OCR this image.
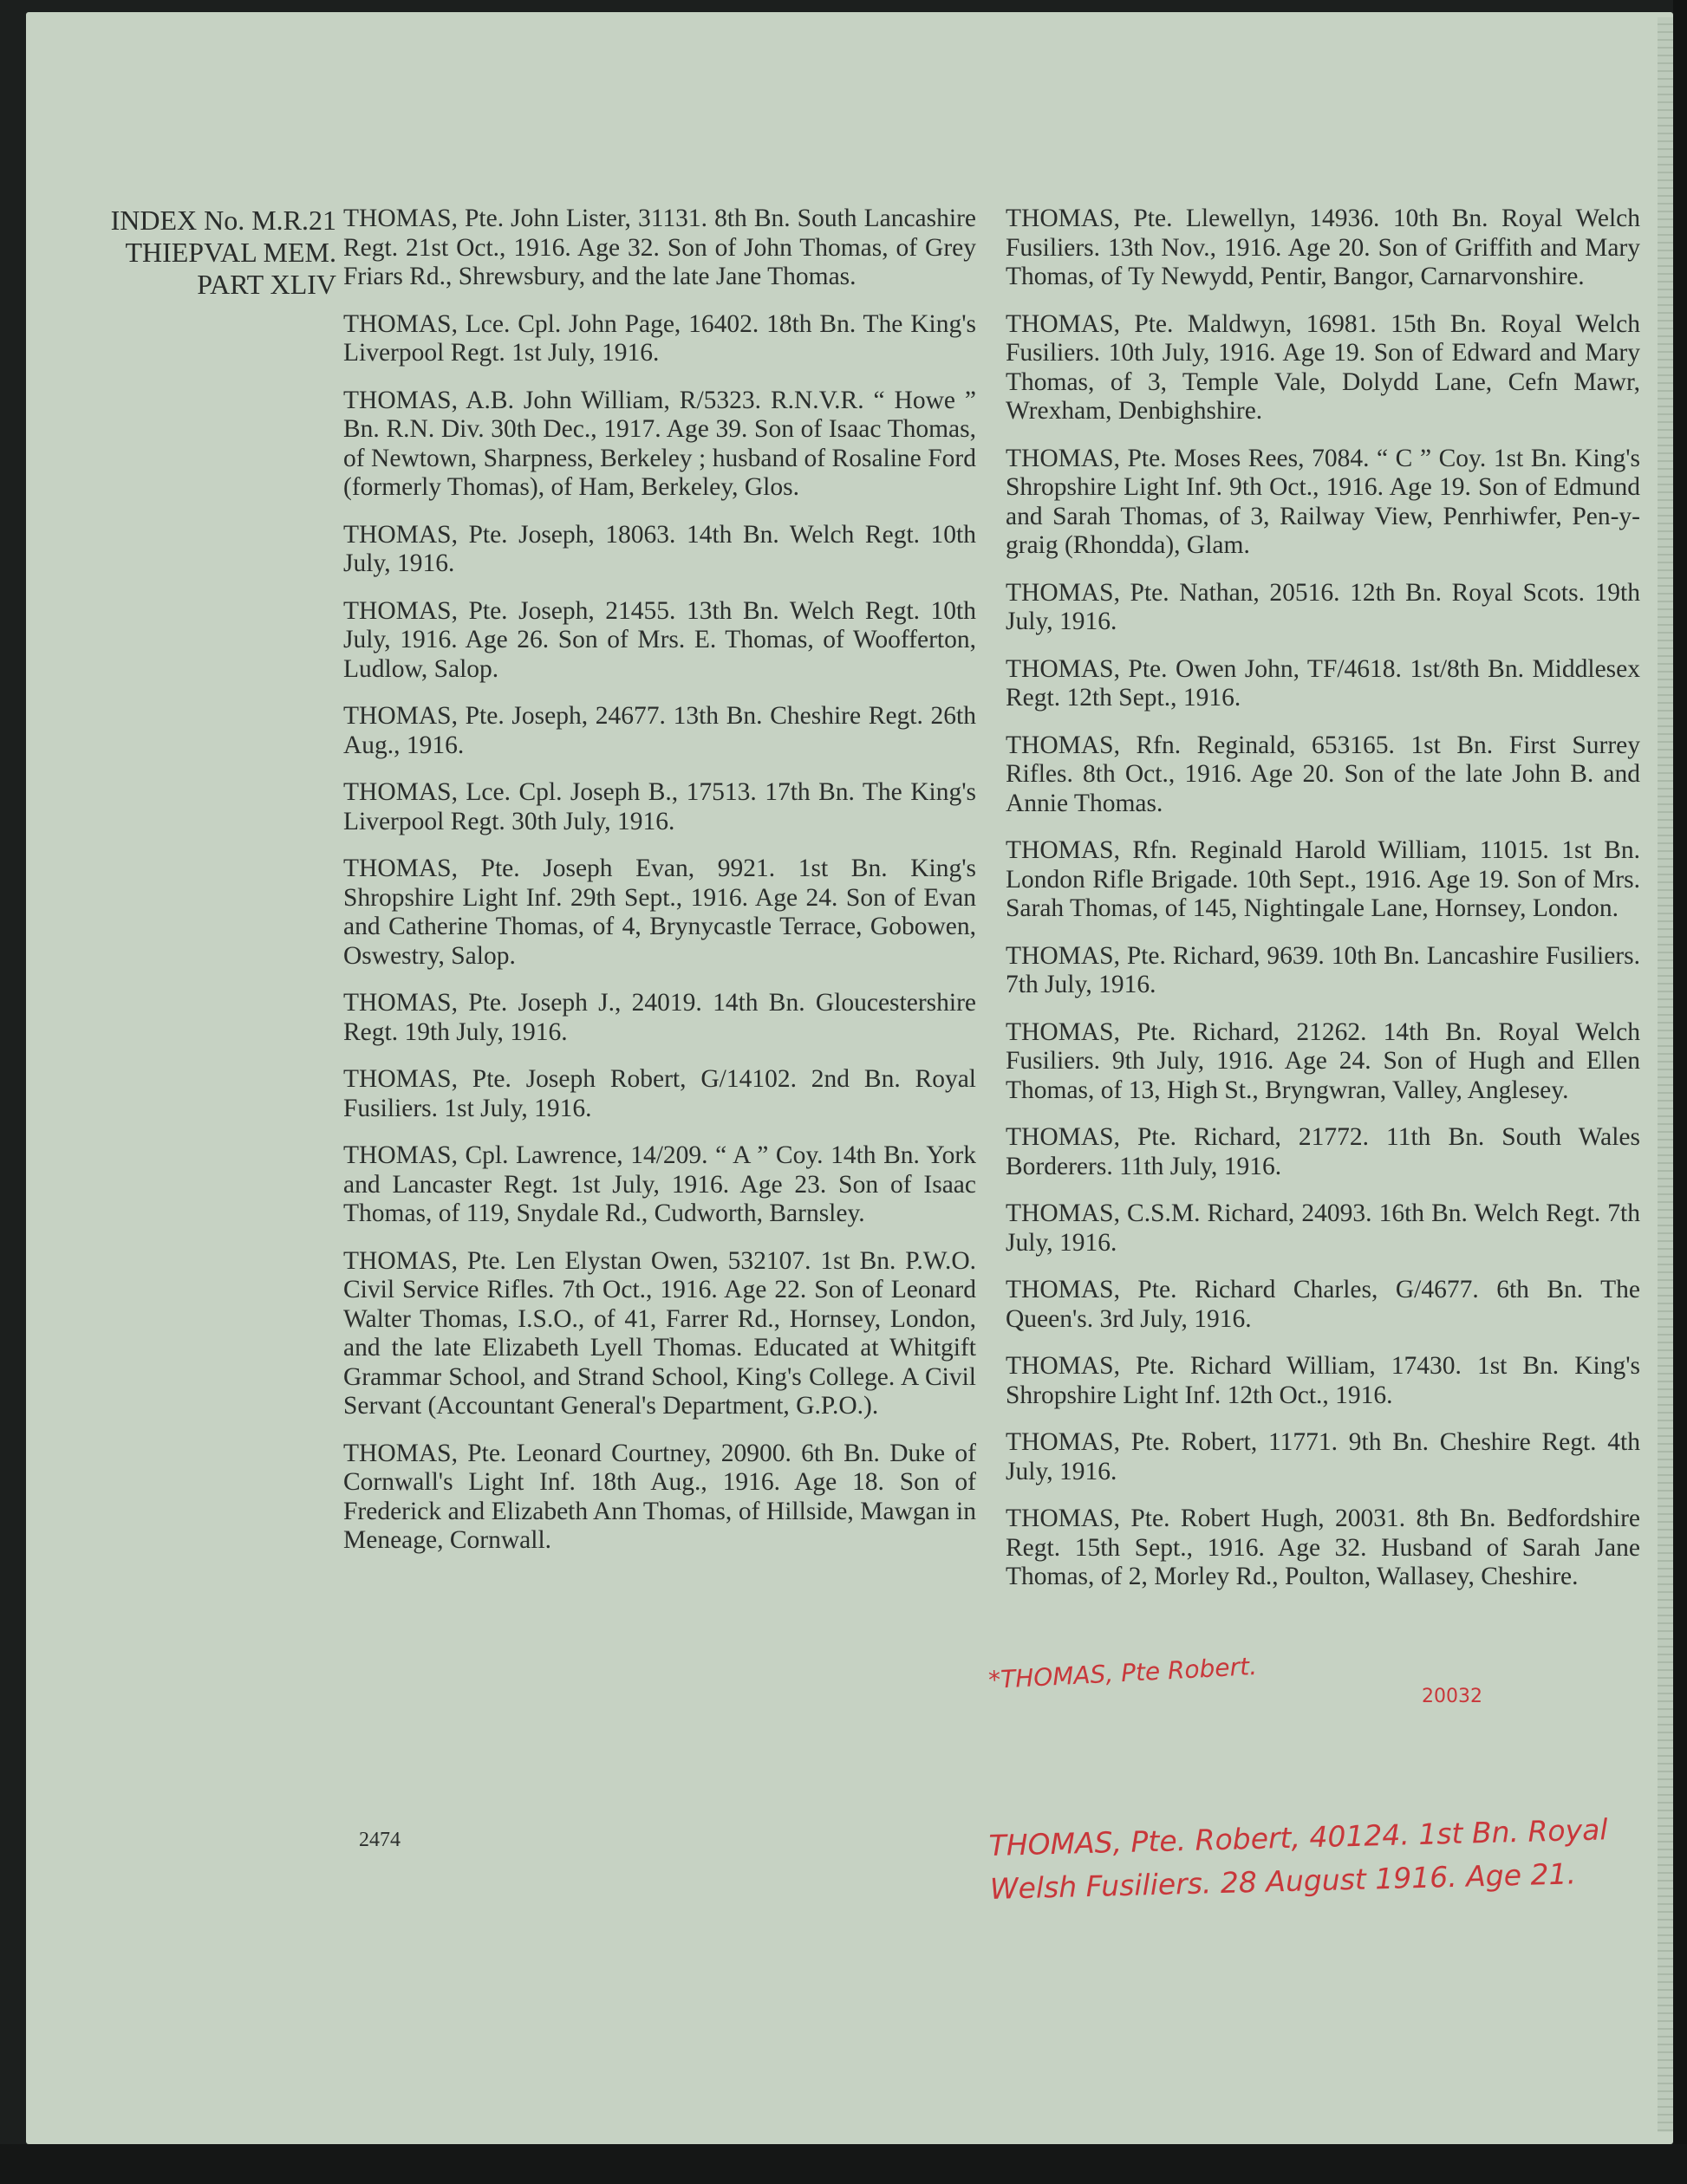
INDEX No. M.R.21
THIEPVAL MEM.
PART XLIV

THOMAS, Pte. John Lister, 31131. 8th Bn. South Lancashire Regt. 21st Oct., 1916. Age 32. Son of John Thomas, of Grey Friars Rd., Shrewsbury, and the late Jane Thomas.

THOMAS, Lce. Cpl. John Page, 16402. 18th Bn. The King's Liverpool Regt. 1st July, 1916.

THOMAS, A.B. John William, R/5323. R.N.V.R. “ Howe ” Bn. R.N. Div. 30th Dec., 1917. Age 39. Son of Isaac Thomas, of Newtown, Sharpness, Berkeley ; husband of Rosaline Ford (formerly Thomas), of Ham, Berkeley, Glos.

THOMAS, Pte. Joseph, 18063. 14th Bn. Welch Regt. 10th July, 1916.

THOMAS, Pte. Joseph, 21455. 13th Bn. Welch Regt. 10th July, 1916. Age 26. Son of Mrs. E. Thomas, of Woofferton, Ludlow, Salop.

THOMAS, Pte. Joseph, 24677. 13th Bn. Cheshire Regt. 26th Aug., 1916.

THOMAS, Lce. Cpl. Joseph B., 17513. 17th Bn. The King's Liverpool Regt. 30th July, 1916.

THOMAS, Pte. Joseph Evan, 9921. 1st Bn. King's Shropshire Light Inf. 29th Sept., 1916. Age 24. Son of Evan and Catherine Thomas, of 4, Brynycastle Terrace, Gobowen, Oswestry, Salop.

THOMAS, Pte. Joseph J., 24019. 14th Bn. Gloucestershire Regt. 19th July, 1916.

THOMAS, Pte. Joseph Robert, G/14102. 2nd Bn. Royal Fusiliers. 1st July, 1916.

THOMAS, Cpl. Lawrence, 14/209. “ A ” Coy. 14th Bn. York and Lancaster Regt. 1st July, 1916. Age 23. Son of Isaac Thomas, of 119, Snydale Rd., Cudworth, Barnsley.

THOMAS, Pte. Len Elystan Owen, 532107. 1st Bn. P.W.O. Civil Service Rifles. 7th Oct., 1916. Age 22. Son of Leonard Walter Thomas, I.S.O., of 41, Farrer Rd., Hornsey, London, and the late Elizabeth Lyell Thomas. Educated at Whitgift Grammar School, and Strand School, King's College. A Civil Servant (Accountant General's Department, G.P.O.).

THOMAS, Pte. Leonard Courtney, 20900. 6th Bn. Duke of Cornwall's Light Inf. 18th Aug., 1916. Age 18. Son of Frederick and Elizabeth Ann Thomas, of Hillside, Mawgan in Meneage, Cornwall.

THOMAS, Pte. Llewellyn, 14936. 10th Bn. Royal Welch Fusiliers. 13th Nov., 1916. Age 20. Son of Griffith and Mary Thomas, of Ty Newydd, Pentir, Bangor, Carnarvonshire.

THOMAS, Pte. Maldwyn, 16981. 15th Bn. Royal Welch Fusiliers. 10th July, 1916. Age 19. Son of Edward and Mary Thomas, of 3, Temple Vale, Dolydd Lane, Cefn Mawr, Wrexham, Denbighshire.

THOMAS, Pte. Moses Rees, 7084. “ C ” Coy. 1st Bn. King's Shropshire Light Inf. 9th Oct., 1916. Age 19. Son of Edmund and Sarah Thomas, of 3, Railway View, Penrhiwfer, Pen-y-graig (Rhondda), Glam.

THOMAS, Pte. Nathan, 20516. 12th Bn. Royal Scots. 19th July, 1916.

THOMAS, Pte. Owen John, TF/4618. 1st/8th Bn. Middlesex Regt. 12th Sept., 1916.

THOMAS, Rfn. Reginald, 653165. 1st Bn. First Surrey Rifles. 8th Oct., 1916. Age 20. Son of the late John B. and Annie Thomas.

THOMAS, Rfn. Reginald Harold William, 11015. 1st Bn. London Rifle Brigade. 10th Sept., 1916. Age 19. Son of Mrs. Sarah Thomas, of 145, Nightingale Lane, Hornsey, London.

THOMAS, Pte. Richard, 9639. 10th Bn. Lancashire Fusiliers. 7th July, 1916.

THOMAS, Pte. Richard, 21262. 14th Bn. Royal Welch Fusiliers. 9th July, 1916. Age 24. Son of Hugh and Ellen Thomas, of 13, High St., Bryngwran, Valley, Anglesey.

THOMAS, Pte. Richard, 21772. 11th Bn. South Wales Borderers. 11th July, 1916.

THOMAS, C.S.M. Richard, 24093. 16th Bn. Welch Regt. 7th July, 1916.

THOMAS, Pte. Richard Charles, G/4677. 6th Bn. The Queen's. 3rd July, 1916.

THOMAS, Pte. Richard William, 17430. 1st Bn. King's Shropshire Light Inf. 12th Oct., 1916.

THOMAS, Pte. Robert, 11771. 9th Bn. Cheshire Regt. 4th July, 1916.

THOMAS, Pte. Robert Hugh, 20031. 8th Bn. Bedfordshire Regt. 15th Sept., 1916. Age 32. Husband of Sarah Jane Thomas, of 2, Morley Rd., Poulton, Wallasey, Cheshire.

2474
*THOMAS, Pte Robert.
20032
THOMAS, Pte. Robert, 40124. 1st Bn. Royal Welsh Fusiliers. 28 August 1916. Age 21.
